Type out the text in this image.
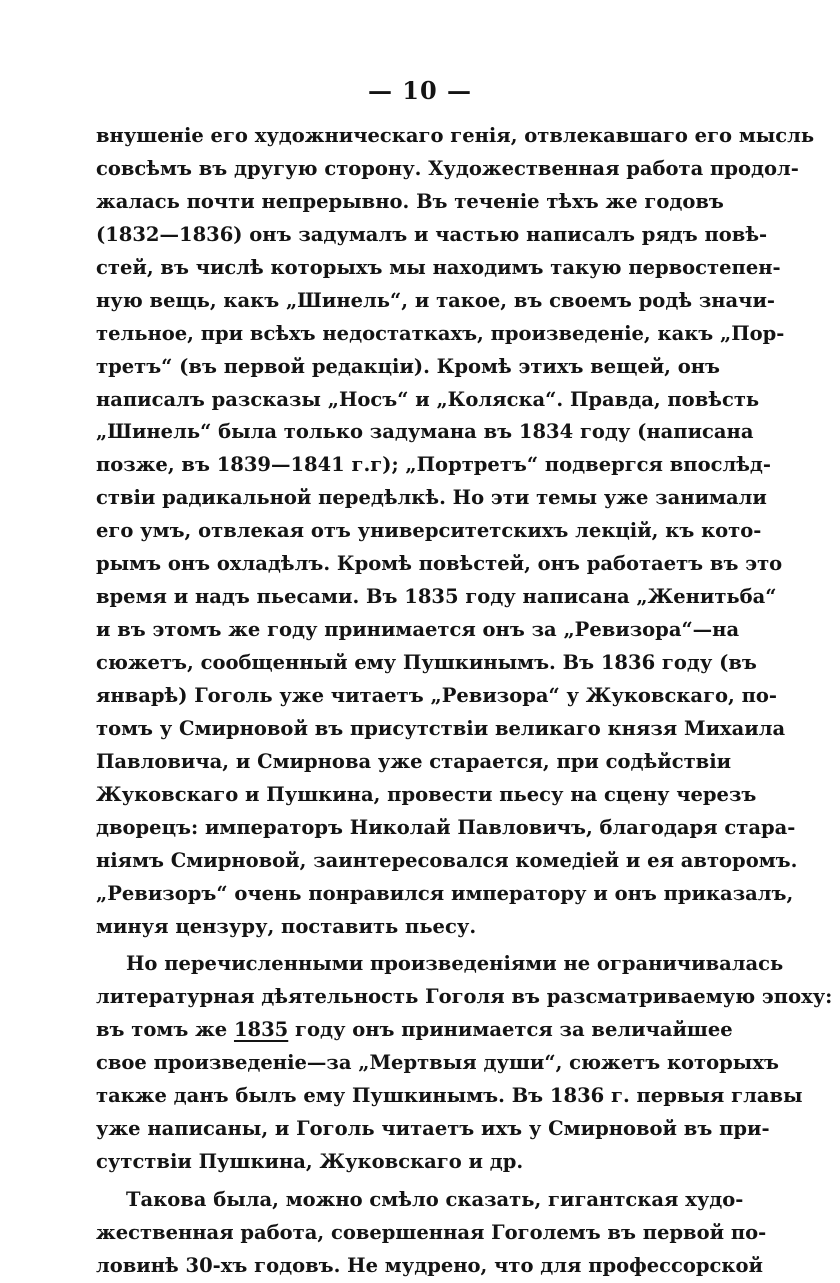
— 10 —
внушеніе его художническаго генія, отвлекавшаго его мысль
совсѣмъ въ другую сторону. Художественная работа продол-
жалась почти непрерывно. Въ теченіе тѣхъ же годовъ
(1832—1836) онъ задумалъ и частью написалъ рядъ повѣ-
стей, въ числѣ которыхъ мы находимъ такую первостепен-
ную вещь, какъ „Шинель“, и такое, въ своемъ родѣ значи-
тельное, при всѣхъ недостаткахъ, произведеніе, какъ „Пор-
третъ“ (въ первой редакціи). Кромѣ этихъ вещей, онъ
написалъ разсказы „Носъ“ и „Коляска“. Правда, повѣсть
„Шинель“ была только задумана въ 1834 году (написана
позже, въ 1839—1841 г.г); „Портретъ“ подвергся впослѣд-
ствіи радикальной передѣлкѣ. Но эти темы уже занимали
его умъ, отвлекая отъ университетскихъ лекцій, къ кото-
рымъ онъ охладѣлъ. Кромѣ повѣстей, онъ работаетъ въ это
время и надъ пьесами. Въ 1835 году написана „Женитьба“
и въ этомъ же году принимается онъ за „Ревизора“—на
сюжетъ, сообщенный ему Пушкинымъ. Въ 1836 году (въ
январѣ) Гоголь уже читаетъ „Ревизора“ у Жуковскаго, по-
томъ у Смирновой въ присутствіи великаго князя Михаила
Павловича, и Смирнова уже старается, при содѣйствіи
Жуковскаго и Пушкина, провести пьесу на сцену черезъ
дворецъ: императоръ Николай Павловичъ, благодаря стара-
ніямъ Смирновой, заинтересовался комедіей и ея авторомъ.
„Ревизоръ“ очень понравился императору и онъ приказалъ,
минуя цензуру, поставить пьесу.
Но перечисленными произведеніями не ограничивалась
литературная дѣятельность Гоголя въ разсматриваемую эпоху:
въ томъ же 1835 году онъ принимается за величайшее
свое произведеніе—за „Мертвыя души“, сюжетъ которыхъ
также данъ былъ ему Пушкинымъ. Въ 1836 г. первыя главы
уже написаны, и Гоголь читаетъ ихъ у Смирновой въ при-
сутствіи Пушкина, Жуковскаго и др.
Такова была, можно смѣло сказать, гигантская худо-
жественная работа, совершенная Гоголемъ въ первой по-
ловинѣ 30-хъ годовъ. Не мудрено, что для профессорской
